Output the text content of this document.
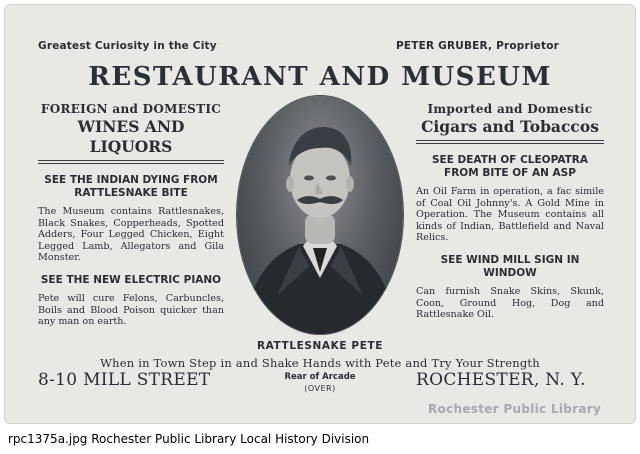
Greatest Curiosity in the City	PETER GRUBER, Proprietor
RESTAURANT AND MUSEUM
FOREIGN and DOMESTIC
WINES AND LIQUORS
SEE THE INDIAN DYING FROM RATTLESNAKE BITE
The Museum contains Rattlesnakes, Black Snakes, Copperheads, Spotted Adders, Four Legged Chicken, Eight Legged Lamb, Allegators and Gila Monster.
SEE THE NEW ELECTRIC PIANO
Pete will cure Felons, Carbuncles, Boils and Blood Poison quicker than any man on earth.
RATTLESNAKE PETE
Imported and Domestic
Cigars and Tobaccos
SEE DEATH OF CLEOPATRA FROM BITE OF AN ASP
An Oil Farm in operation, a fac simile of Coal Oil Johnny's. A Gold Mine in Operation. The Museum contains all kinds of Indian, Battlefield and Naval Relics.
SEE WIND MILL SIGN IN WINDOW
Can furnish Snake Skins, Skunk, Coon, Ground Hog, Dog and Rattlesnake Oil.
When in Town Step in and Shake Hands with Pete and Try Your Strength
8-10 MILL STREET	ROCHESTER, N. Y.
Rear of Arcade
(OVER)
Rochester Public Library
rpc1375a.jpg Rochester Public Library Local History Division
